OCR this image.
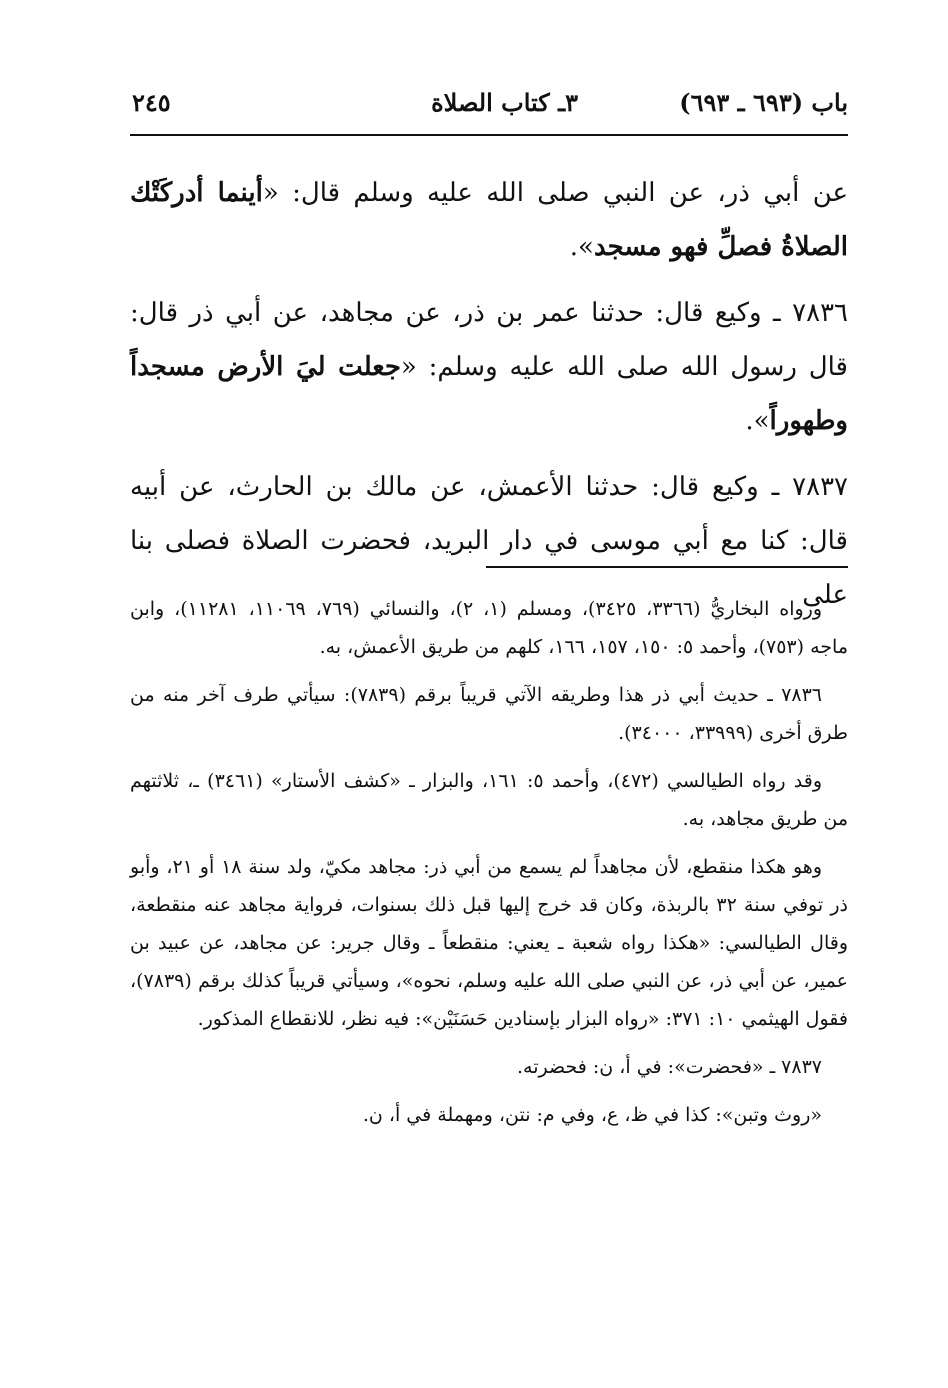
باب (٦٩٣ ـ ٦٩٣)
٣ـ كتاب الصلاة
٢٤٥

عن أبي ذر، عن النبي صلى الله عليه وسلم قال: «أينما أدركَتْك الصلاةُ فصلِّ فهو مسجد».

٧٨٣٦ ـ وكيع قال: حدثنا عمر بن ذر، عن مجاهد، عن أبي ذر قال: قال رسول الله صلى الله عليه وسلم: «جعلت ليَ الأرض مسجداً وطهوراً».

٧٨٣٧ ـ وكيع قال: حدثنا الأعمش، عن مالك بن الحارث، عن أبيه قال: كنا مع أبي موسى في دار البريد، فحضرت الصلاة فصلى بنا على

ورواه البخاريُّ (٣٣٦٦، ٣٤٢٥)، ومسلم (١، ٢)، والنسائي (٧٦٩، ١١٠٦٩، ١١٢٨١)، وابن ماجه (٧٥٣)، وأحمد ٥: ١٥٠، ١٥٧، ١٦٦، كلهم من طريق الأعمش، به.

٧٨٣٦ ـ حديث أبي ذر هذا وطريقه الآتي قريباً برقم (٧٨٣٩): سيأتي طرف آخر منه من طرق أخرى (٣٣٩٩٩، ٣٤٠٠٠).

وقد رواه الطيالسي (٤٧٢)، وأحمد ٥: ١٦١، والبزار ـ «كشف الأستار» (٣٤٦١) ـ، ثلاثتهم من طريق مجاهد، به.

وهو هكذا منقطع، لأن مجاهداً لم يسمع من أبي ذر: مجاهد مكيّ، ولد سنة ١٨ أو ٢١، وأبو ذر توفي سنة ٣٢ بالربذة، وكان قد خرج إليها قبل ذلك بسنوات، فرواية مجاهد عنه منقطعة، وقال الطيالسي: «هكذا رواه شعبة ـ يعني: منقطعاً ـ وقال جرير: عن مجاهد، عن عبيد بن عمير، عن أبي ذر، عن النبي صلى الله عليه وسلم، نحوه»، وسيأتي قريباً كذلك برقم (٧٨٣٩)، فقول الهيثمي ١٠: ٣٧١: «رواه البزار بإسنادين حَسَنَيْن»: فيه نظر، للانقطاع المذكور.

٧٨٣٧ ـ «فحضرت»: في أ، ن: فحضرته.

«روث وتبن»: كذا في ظ، ع، وفي م: نتن، ومهملة في أ، ن.
